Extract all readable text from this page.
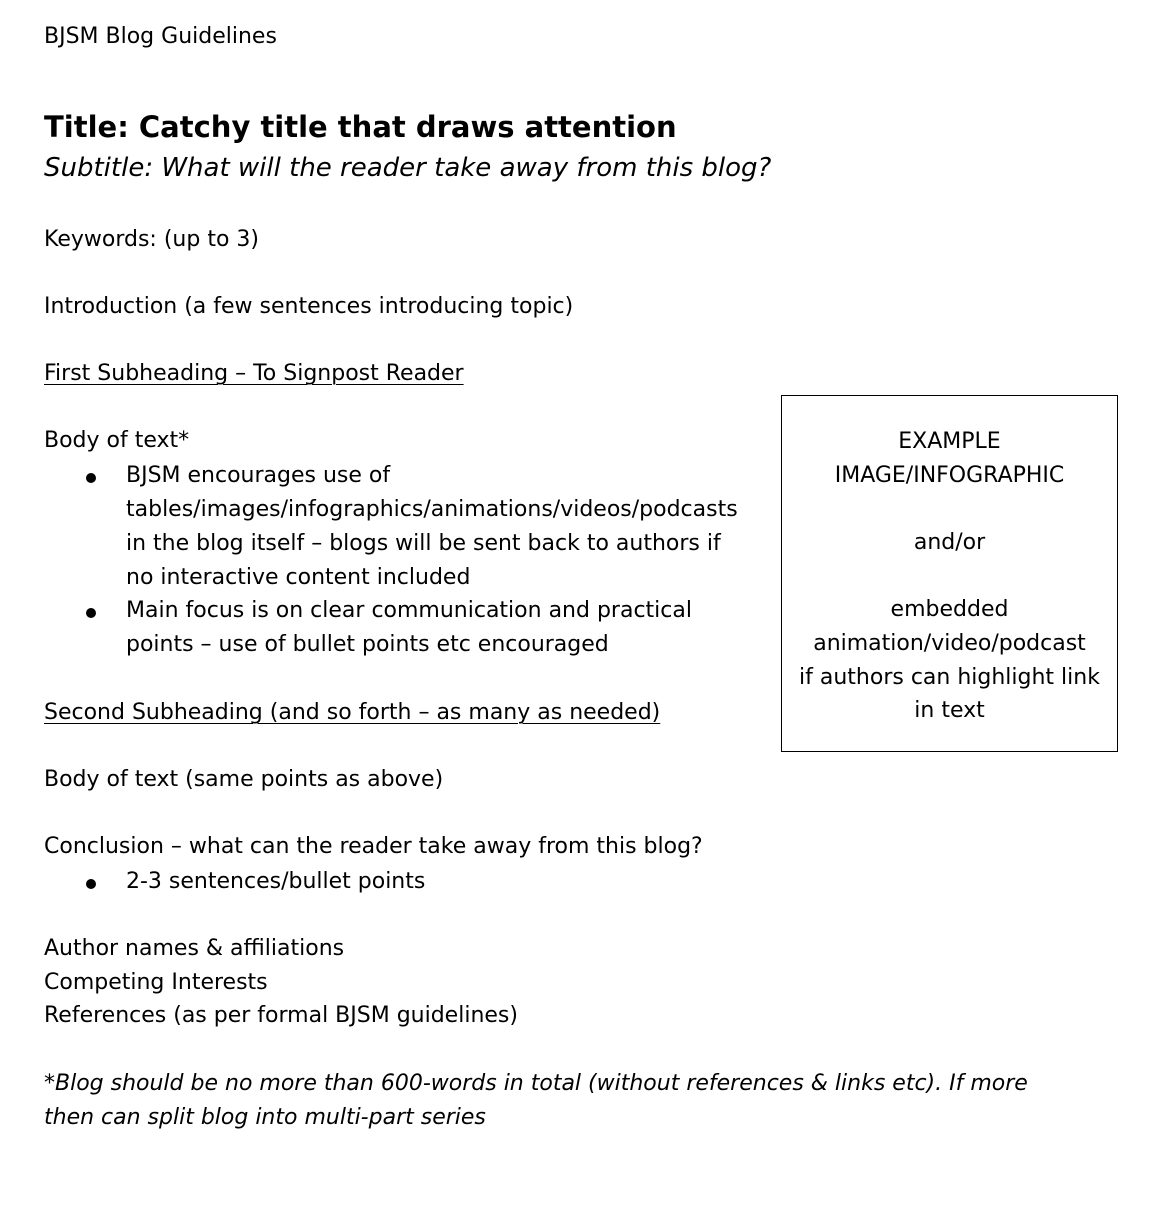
BJSM Blog Guidelines
Title: Catchy title that draws attention
Subtitle: What will the reader take away from this blog?
Keywords: (up to 3)
Introduction (a few sentences introducing topic)
First Subheading – To Signpost Reader
Body of text*
BJSM encourages use of
tables/images/infographics/animations/videos/podcasts
in the blog itself – blogs will be sent back to authors if
no interactive content included
Main focus is on clear communication and practical
points – use of bullet points etc encouraged
Second Subheading (and so forth – as many as needed)
Body of text (same points as above)
Conclusion – what can the reader take away from this blog?
2-3 sentences/bullet points
Author names & affiliations
Competing Interests
References (as per formal BJSM guidelines)
*Blog should be no more than 600-words in total (without references & links etc). If more
then can split blog into multi-part series
EXAMPLE
IMAGE/INFOGRAPHIC
and/or
embedded
animation/video/podcast
if authors can highlight link
in text
